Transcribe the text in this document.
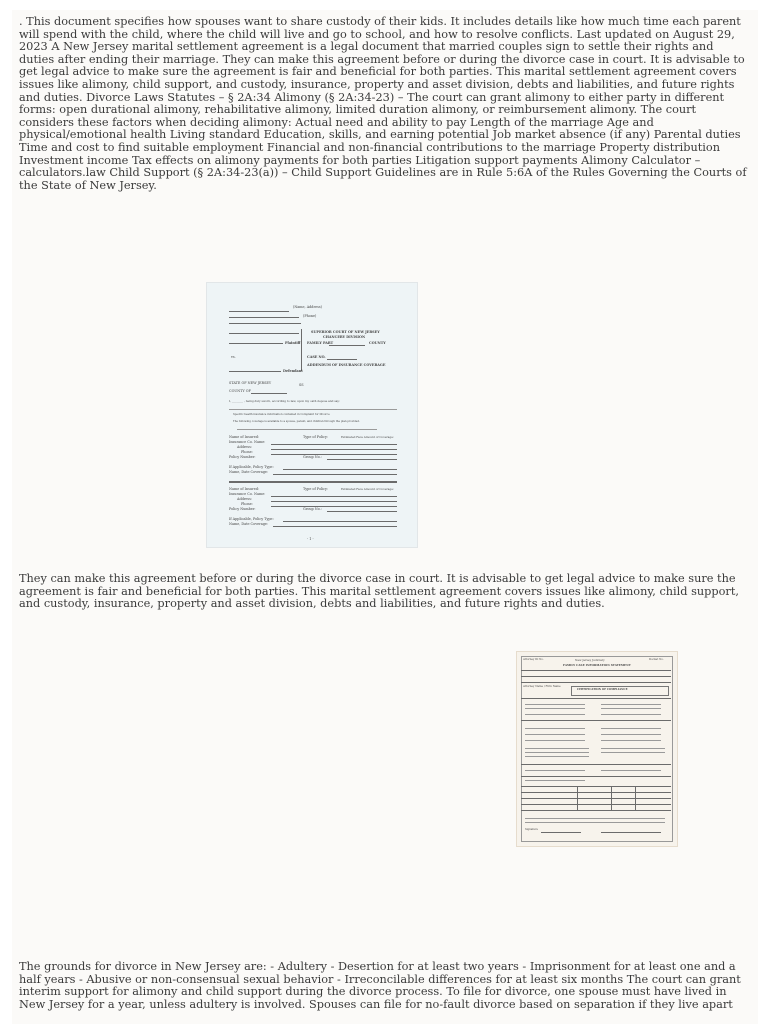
. This document specifies how spouses want to share custody of their kids. It includes details like how much time each parent will spend with the child, where the child will live and go to school, and how to resolve conflicts. Last updated on August 29, 2023 A New Jersey marital settlement agreement is a legal document that married couples sign to settle their rights and duties after ending their marriage. They can make this agreement before or during the divorce case in court. It is advisable to get legal advice to make sure the agreement is fair and beneficial for both parties. This marital settlement agreement covers issues like alimony, child support, and custody, insurance, property and asset division, debts and liabilities, and future rights and duties. Divorce Laws Statutes – § 2A:34 Alimony (§ 2A:34-23) – The court can grant alimony to either party in different forms: open durational alimony, rehabilitative alimony, limited duration alimony, or reimbursement alimony. The court considers these factors when deciding alimony: Actual need and ability to pay Length of the marriage Age and physical/emotional health Living standard Education, skills, and earning potential Job market absence (if any) Parental duties Time and cost to find suitable employment Financial and non-financial contributions to the marriage Property distribution Investment income Tax effects on alimony payments for both parties Litigation support payments Alimony Calculator – calculators.law Child Support (§ 2A:34-23(a)) – Child Support Guidelines are in Rule 5:6A of the Rules Governing the Courts of the State of New Jersey.

(Name, Address)
(Phone)
SUPERIOR COURT OF NEW JERSEY
CHANCERY DIVISION
Plaintiff FAMILY PART	COUNTY
vs.	CASE NO.
Defendant
ADDENDUM OF INSURANCE COVERAGE
STATE OF NEW JERSEY	SS
COUNTY OF
I, ________ , being duly sworn, according to law, upon my oath depose and say:
Specific health insurance information contained in Complaint for Divorce
The following coverage is available to a spouse, parent, and children through the plan provided.
Name of Insured:	Type of Policy:	Estimated Face Amount of Coverage:
Insurance Co. Name:
Address:
Phone:
Policy Number:	Group No.:
If Applicable, Policy Type:
Name, Date Coverage:
Name of Insured:	Type of Policy:	Estimated Face Amount of Coverage:
Insurance Co. Name:
Address:
Phone:
Policy Number:	Group No.:
If Applicable, Policy Type:
Name, Date Coverage:
- 1 -

They can make this agreement before or during the divorce case in court. It is advisable to get legal advice to make sure the agreement is fair and beneficial for both parties. This marital settlement agreement covers issues like alimony, child support, and custody, insurance, property and asset division, debts and liabilities, and future rights and duties.

Attorney ID No.	New Jersey Judiciary
FAMILY CASE INFORMATION STATEMENT
Docket No.
Attorney Name / Firm Name
CERTIFICATION OF COMPLIANCE
Signature

The grounds for divorce in New Jersey are: - Adultery - Desertion for at least two years - Imprisonment for at least one and a half years - Abusive or non-consensual sexual behavior - Irreconcilable differences for at least six months The court can grant interim support for alimony and child support during the divorce process. To file for divorce, one spouse must have lived in New Jersey for a year, unless adultery is involved. Spouses can file for no-fault divorce based on separation if they live apart
